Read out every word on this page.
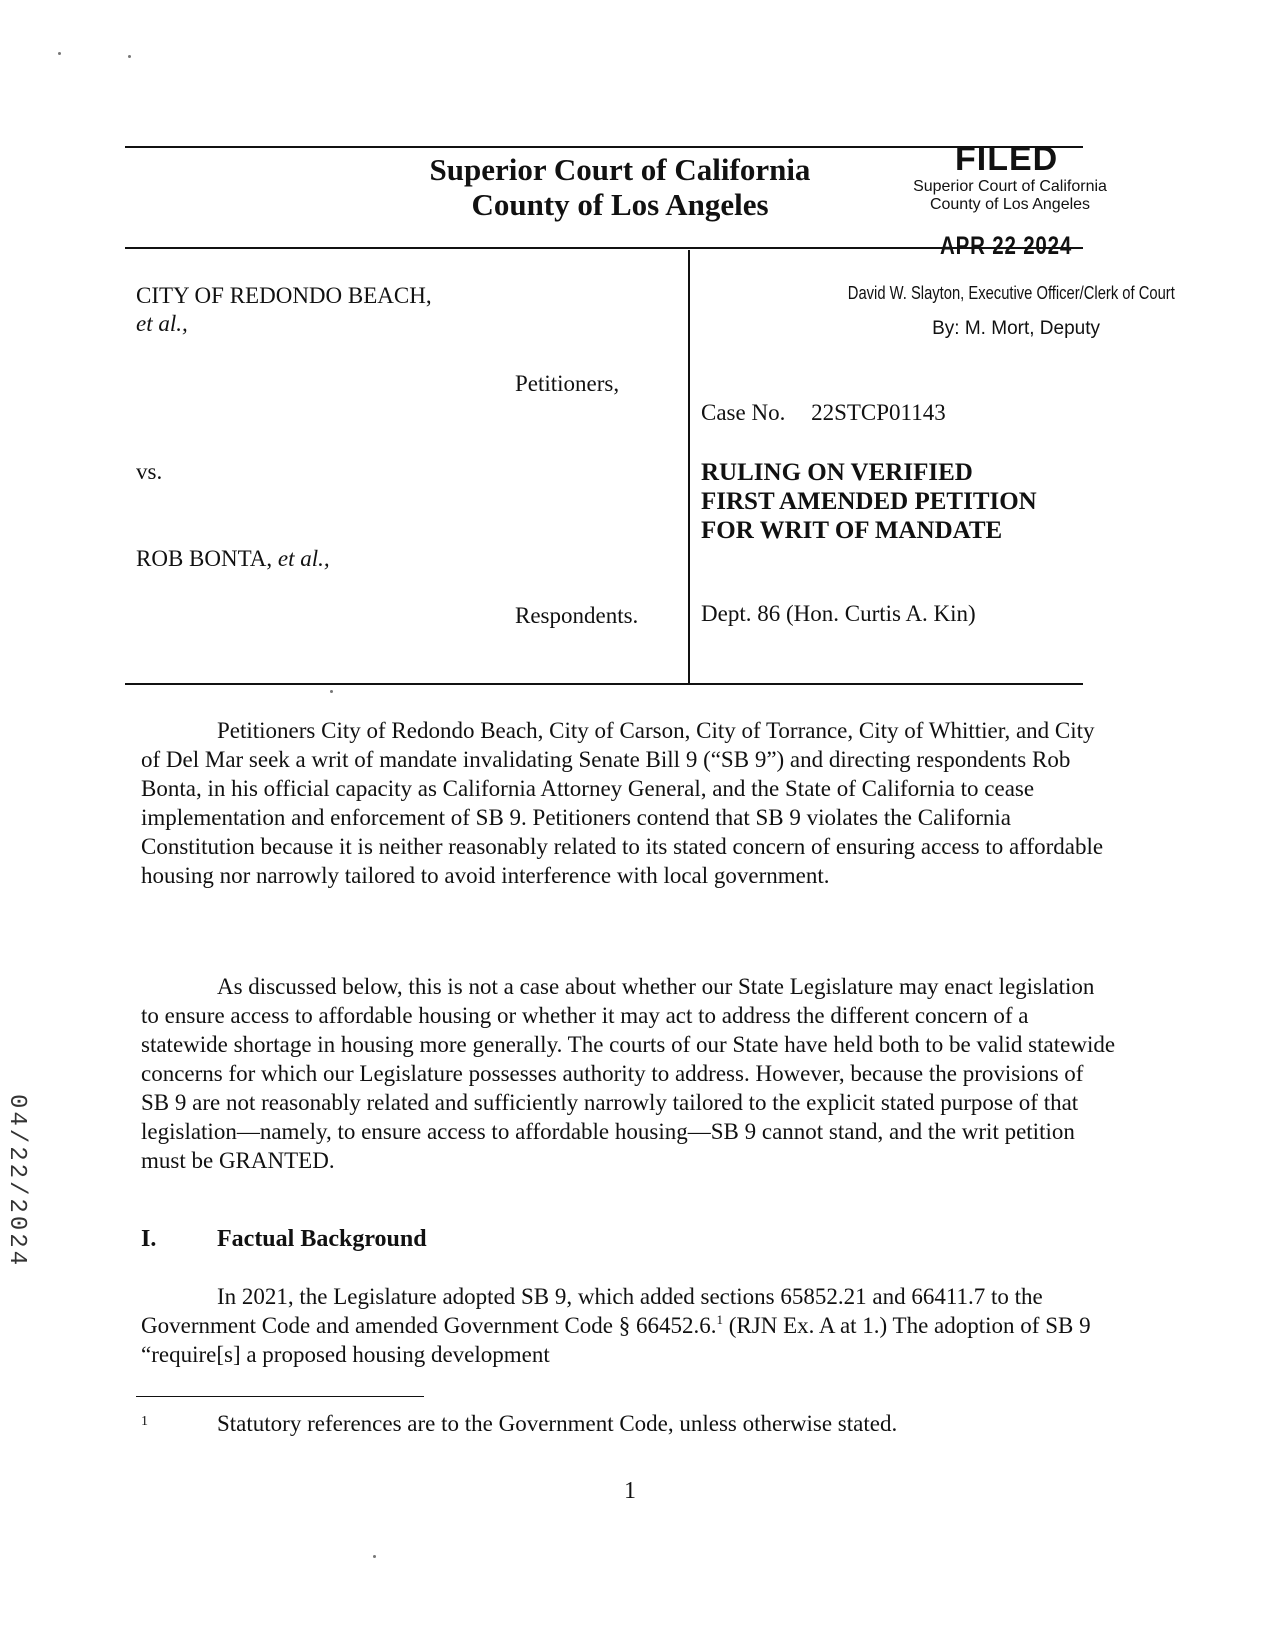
Superior Court of California
County of Los Angeles
FILED
Superior Court of California
County of Los Angeles
APR 22 2024
David W. Slayton, Executive Officer/Clerk of Court
By: M. Mort, Deputy
CITY OF REDONDO BEACH,
et al.,
Petitioners,
vs.
ROB BONTA, et al.,
Respondents.
Case No. 22STCP01143
RULING ON VERIFIED FIRST AMENDED PETITION FOR WRIT OF MANDATE
Dept. 86 (Hon. Curtis A. Kin)

Petitioners City of Redondo Beach, City of Carson, City of Torrance, City of Whittier, and City of Del Mar seek a writ of mandate invalidating Senate Bill 9 (“SB 9”) and directing respondents Rob Bonta, in his official capacity as California Attorney General, and the State of California to cease implementation and enforcement of SB 9. Petitioners contend that SB 9 violates the California Constitution because it is neither reasonably related to its stated concern of ensuring access to affordable housing nor narrowly tailored to avoid interference with local government.

As discussed below, this is not a case about whether our State Legislature may enact legislation to ensure access to affordable housing or whether it may act to address the different concern of a statewide shortage in housing more generally. The courts of our State have held both to be valid statewide concerns for which our Legislature possesses authority to address. However, because the provisions of SB 9 are not reasonably related and sufficiently narrowly tailored to the explicit stated purpose of that legislation—namely, to ensure access to affordable housing—SB 9 cannot stand, and the writ petition must be GRANTED.

I.	Factual Background

In 2021, the Legislature adopted SB 9, which added sections 65852.21 and 66411.7 to the Government Code and amended Government Code § 66452.6.$^1$ (RJN Ex. A at 1.) The adoption of SB 9 “require[s] a proposed housing development

1	Statutory references are to the Government Code, unless otherwise stated.
1
04/22/2024
